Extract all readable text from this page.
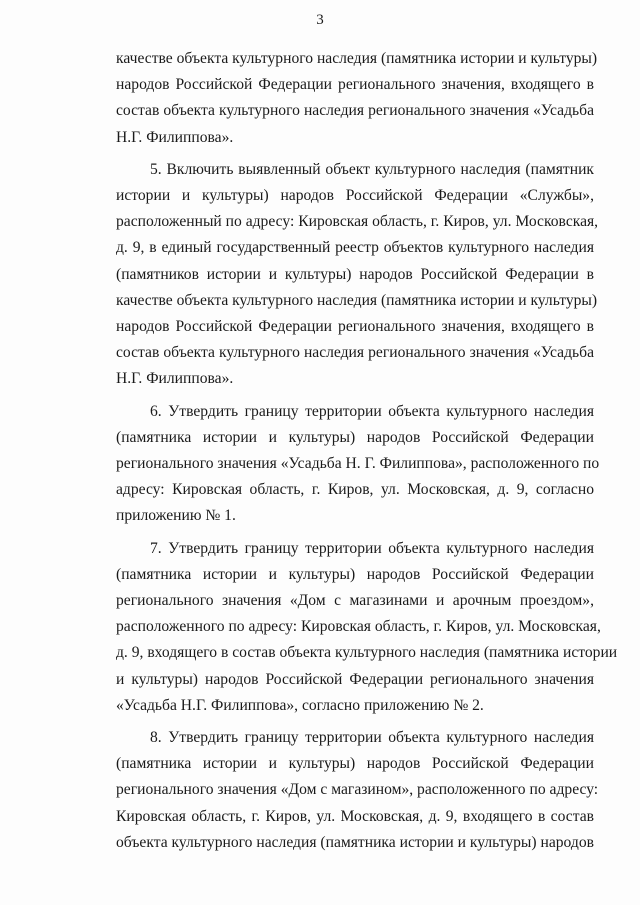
3
качестве объекта культурного наследия (памятника истории и культуры)
народов Российской Федерации регионального значения, входящего в
состав объекта культурного наследия регионального значения «Усадьба
Н.Г. Филиппова».
5. Включить выявленный объект культурного наследия (памятник
истории и культуры) народов Российской Федерации «Службы»,
расположенный по адресу: Кировская область, г. Киров, ул. Московская,
д. 9, в единый государственный реестр объектов культурного наследия
(памятников истории и культуры) народов Российской Федерации в
качестве объекта культурного наследия (памятника истории и культуры)
народов Российской Федерации регионального значения, входящего в
состав объекта культурного наследия регионального значения «Усадьба
Н.Г. Филиппова».
6. Утвердить границу территории объекта культурного наследия
(памятника истории и культуры) народов Российской Федерации
регионального значения «Усадьба Н. Г. Филиппова», расположенного по
адресу: Кировская область, г. Киров, ул. Московская, д. 9, согласно
приложению № 1.
7. Утвердить границу территории объекта культурного наследия
(памятника истории и культуры) народов Российской Федерации
регионального значения «Дом с магазинами и арочным проездом»,
расположенного по адресу: Кировская область, г. Киров, ул. Московская,
д. 9, входящего в состав объекта культурного наследия (памятника истории
и культуры) народов Российской Федерации регионального значения
«Усадьба Н.Г. Филиппова», согласно приложению № 2.
8. Утвердить границу территории объекта культурного наследия
(памятника истории и культуры) народов Российской Федерации
регионального значения «Дом с магазином», расположенного по адресу:
Кировская область, г. Киров, ул. Московская, д. 9, входящего в состав
объекта культурного наследия (памятника истории и культуры) народов
